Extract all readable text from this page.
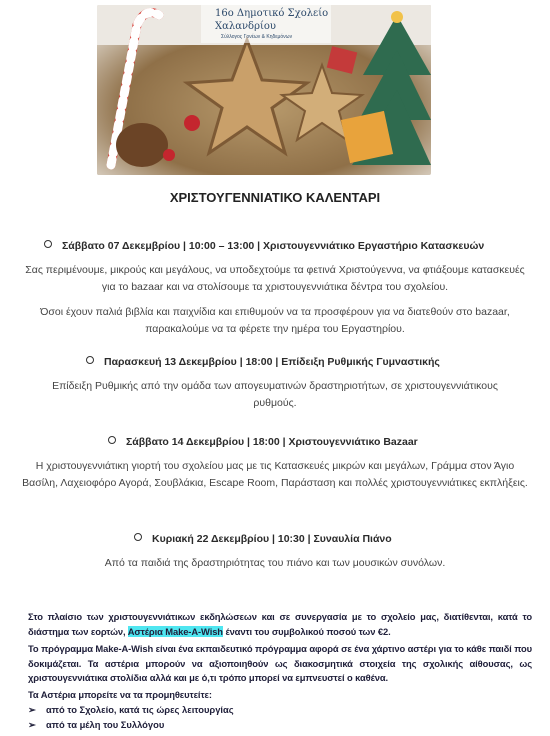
16ο Δημοτικό Σχολείο
Χαλανδρίου
Σύλλογος Γονέων & Κηδεμόνων
ΧΡΙΣΤΟΥΓΕΝΝΙΑΤΙΚΟ ΚΑΛΕΝΤΑΡΙ
Σάββατο 07 Δεκεμβρίου | 10:00 – 13:00 | Χριστουγεννιάτικο Εργαστήριο Κατασκευών
Σας περιμένουμε, μικρούς και μεγάλους, να υποδεχτούμε τα φετινά Χριστούγεννα, να φτιάξουμε κατασκευές για το bazaar και να στολίσουμε τα χριστουγεννιάτικα δέντρα του σχολείου.
Όσοι έχουν παλιά βιβλία και παιχνίδια και επιθυμούν να τα προσφέρουν για να διατεθούν στο bazaar, παρακαλούμε να τα φέρετε την ημέρα του Εργαστηρίου.
Παρασκευή 13 Δεκεμβρίου | 18:00 | Επίδειξη Ρυθμικής Γυμναστικής
Επίδειξη Ρυθμικής από την ομάδα των απογευματινών δραστηριοτήτων, σε χριστουγεννιάτικους ρυθμούς.
Σάββατο 14 Δεκεμβρίου | 18:00 | Χριστουγεννιάτικο Bazaar
Η χριστουγεννιάτικη γιορτή του σχολείου μας με τις Κατασκευές μικρών και μεγάλων, Γράμμα στον Άγιο Βασίλη, Λαχειοφόρο Αγορά, Σουβλάκια, Escape Room, Παράσταση και πολλές χριστουγεννιάτικες εκπλήξεις.
Κυριακή 22 Δεκεμβρίου | 10:30 | Συναυλία Πιάνο
Από τα παιδιά της δραστηριότητας του πιάνο και των μουσικών συνόλων.
Στο πλαίσιο των χριστουγεννιάτικων εκδηλώσεων και σε συνεργασία με το σχολείο μας, διατίθενται, κατά το διάστημα των εορτών, Αστέρια Make-A-Wish έναντι του συμβολικού ποσού των €2.
Το πρόγραμμα Make-A-Wish είναι ένα εκπαιδευτικό πρόγραμμα αφορά σε ένα χάρτινο αστέρι για το κάθε παιδί που δοκιμάζεται. Τα αστέρια μπορούν να αξιοποιηθούν ως διακοσμητικά στοιχεία της σχολικής αίθουσας, ως χριστουγεννιάτικα στολίδια αλλά και με ό,τι τρόπο μπορεί να εμπνευστεί ο καθένα.
Τα Αστέρια μπορείτε να τα προμηθευτείτε:
➢ από το Σχολείο, κατά τις ώρες λειτουργίας
➢ από τα μέλη του Συλλόγου
